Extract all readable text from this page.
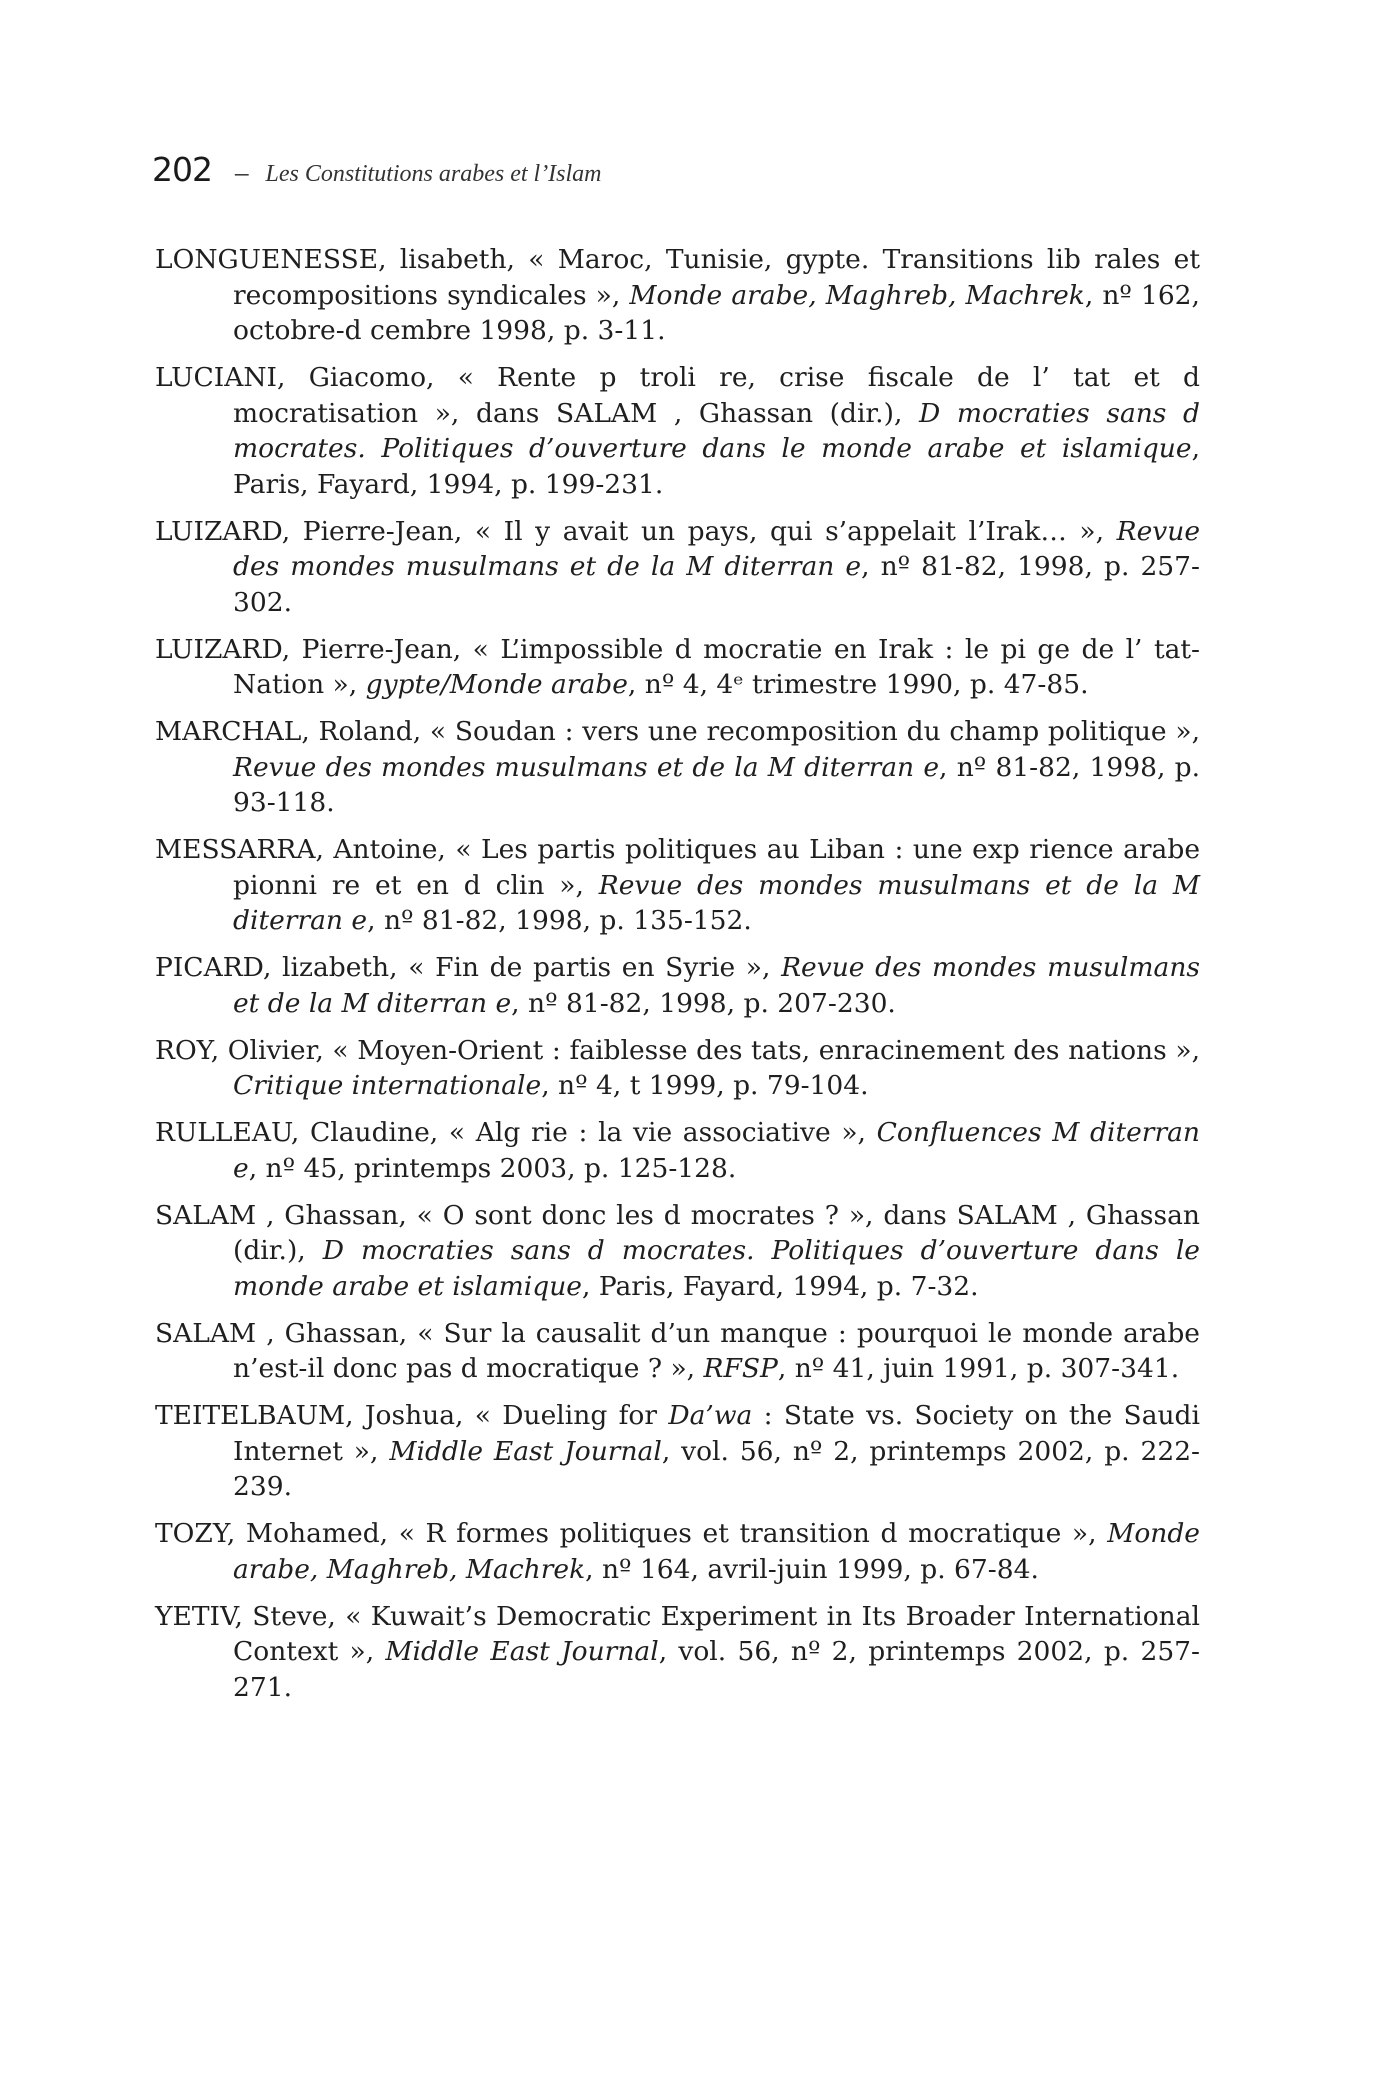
202 – Les Constitutions arabes et l’Islam
LONGUENESSE, lisabeth, « Maroc, Tunisie, gypte. Transitions lib rales et recompositions syndicales », Monde arabe, Maghreb, Machrek, nº 162, octobre-d cembre 1998, p. 3-11.
LUCIANI, Giacomo, « Rente p troli re, crise fiscale de l’ tat et d mocratisation », dans SALAM , Ghassan (dir.), D mocraties sans d mocrates. Politiques d’ouverture dans le monde arabe et islamique, Paris, Fayard, 1994, p. 199-231.
LUIZARD, Pierre-Jean, « Il y avait un pays, qui s’appelait l’Irak… », Revue des mondes musulmans et de la M diterran e, nº 81-82, 1998, p. 257-302.
LUIZARD, Pierre-Jean, « L’impossible d mocratie en Irak : le pi ge de l’ tat-Nation », gypte/Monde arabe, nº 4, 4ᵉ trimestre 1990, p. 47-85.
MARCHAL, Roland, « Soudan : vers une recomposition du champ politique », Revue des mondes musulmans et de la M diterran e, nº 81-82, 1998, p. 93-118.
MESSARRA, Antoine, « Les partis politiques au Liban : une exp rience arabe pionni re et en d clin », Revue des mondes musulmans et de la M diterran e, nº 81-82, 1998, p. 135-152.
PICARD, lizabeth, « Fin de partis en Syrie », Revue des mondes musulmans et de la M diterran e, nº 81-82, 1998, p. 207-230.
ROY, Olivier, « Moyen-Orient : faiblesse des tats, enracinement des nations », Critique internationale, nº 4, t 1999, p. 79-104.
RULLEAU, Claudine, « Alg rie : la vie associative », Confluences M diterran e, nº 45, printemps 2003, p. 125-128.
SALAM , Ghassan, « O sont donc les d mocrates ? », dans SALAM , Ghassan (dir.), D mocraties sans d mocrates. Politiques d’ouverture dans le monde arabe et islamique, Paris, Fayard, 1994, p. 7-32.
SALAM , Ghassan, « Sur la causalit d’un manque : pourquoi le monde arabe n’est-il donc pas d mocratique ? », RFSP, nº 41, juin 1991, p. 307-341.
TEITELBAUM, Joshua, « Dueling for Da’wa : State vs. Society on the Saudi Internet », Middle East Journal, vol. 56, nº 2, printemps 2002, p. 222-239.
TOZY, Mohamed, « R formes politiques et transition d mocratique », Monde arabe, Maghreb, Machrek, nº 164, avril-juin 1999, p. 67-84.
YETIV, Steve, « Kuwait’s Democratic Experiment in Its Broader International Context », Middle East Journal, vol. 56, nº 2, printemps 2002, p. 257-271.
